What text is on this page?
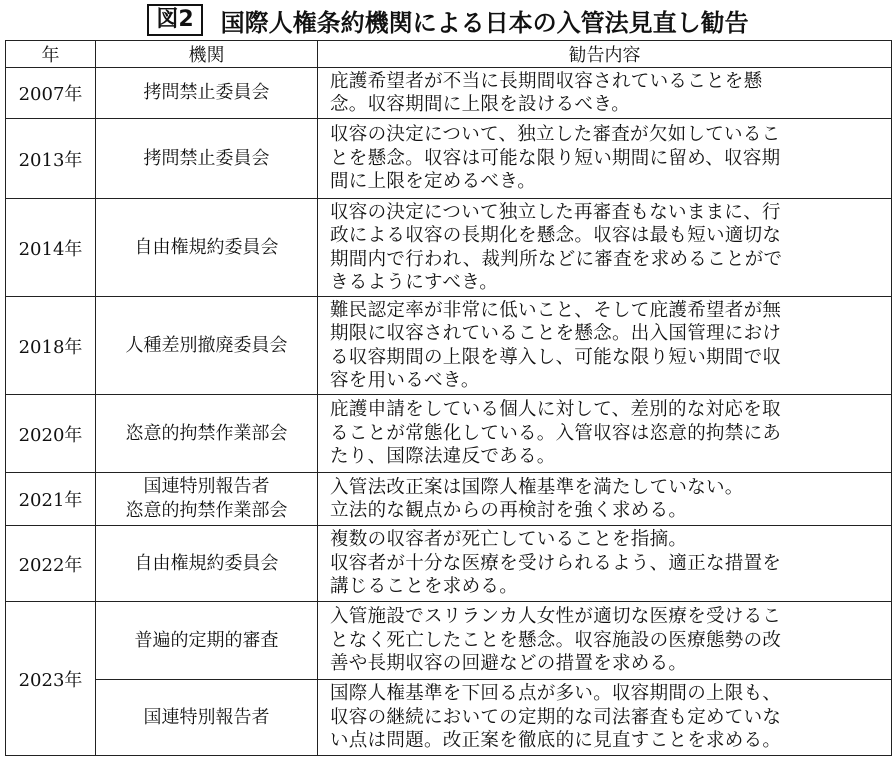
図2	国際人権条約機関による日本の入管法見直し勧告
年	機関	勧告内容
2007年	拷問禁止委員会	庇護希望者が不当に長期間収容されていることを懸
念。収容期間に上限を設けるべき。

2013年	拷問禁止委員会	収容の決定について、独立した審査が欠如しているこ
とを懸念。収容は可能な限り短い期間に留め、収容期
間に上限を定めるべき。

2014年	自由権規約委員会	収容の決定について独立した再審査もないままに、行
政による収容の長期化を懸念。収容は最も短い適切な
期間内で行われ、裁判所などに審査を求めることがで
きるようにすべき。

2018年	人種差別撤廃委員会	難民認定率が非常に低いこと、そして庇護希望者が無
期限に収容されていることを懸念。出入国管理におけ
る収容期間の上限を導入し、可能な限り短い期間で収
容を用いるべき。

2020年	恣意的拘禁作業部会	庇護申請をしている個人に対して、差別的な対応を取
ることが常態化している。入管収容は恣意的拘禁にあ
たり、国際法違反である。

2021年	国連特別報告者
恣意的拘禁作業部会	入管法改正案は国際人権基準を満たしていない。
立法的な観点からの再検討を強く求める。

2022年	自由権規約委員会	複数の収容者が死亡していることを指摘。
収容者が十分な医療を受けられるよう、適正な措置を
講じることを求める。

2023年	普遍的定期的審査	入管施設でスリランカ人女性が適切な医療を受けるこ
となく死亡したことを懸念。収容施設の医療態勢の改
善や長期収容の回避などの措置を求める。

	国連特別報告者	国際人権基準を下回る点が多い。収容期間の上限も、
収容の継続においての定期的な司法審査も定めていな
い点は問題。改正案を徹底的に見直すことを求める。
